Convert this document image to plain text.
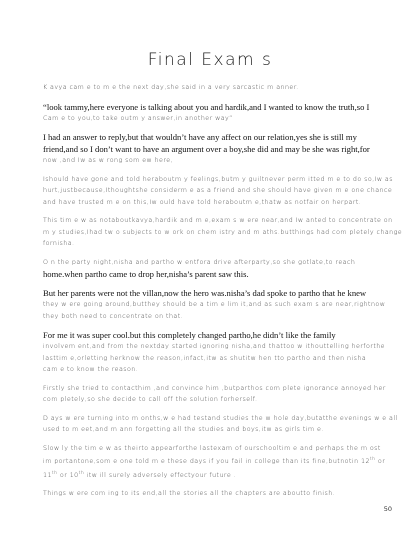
Final Exam s
K avya cam e to m e the next day,she said in a very sarcastic m anner.
“look tammy,here everyone is talking about you and hardik,and I wanted to know the truth,so I
Cam e to you,to take outm y answer,in another way”
I had an answer to reply,but that wouldn’t have any affect on our relation,yes she is still my
friend,and so I don’t want to have an argument over a boy,she did and may be she was right,for
now ,and Iw as w rong som ew here,
Ishould have gone and told heraboutm y feelings,butm y guiltnever perm itted m e to do so,Iw as
hurt,justbecause,Ithoughtshe considerm e as a friend and she should have given m e one chance
and have trusted m e on this,Iw ould have told heraboutm e,thatw as notfair on herpart.
This tim e w as notaboutkavya,hardik and m e,exam s w ere near,and Iw anted to concentrate on
m y studies,Ihad tw o subjects to w ork on chem istry and m aths.butthings had com pletely change
fornisha.
O n the party night,nisha and partho w entfora drive afterparty,so she gotlate,to reach
home.when partho came to drop her,nisha’s parent saw this.
But her parents were not the villan,now the hero was.nisha’s dad spoke to partho that he knew
they w ere going around,butthey should be a tim e lim it,and as such exam s are near,rightnow
they both need to concentrate on that.
For me it was super cool.but this completely changed partho,he didn’t like the family
involvem ent,and from the nextday started ignoring nisha,and thattoo w ithouttelling herforthe
lasttim e,orletting herknow the reason,infact,itw as shutitw hen tto partho and then nisha
cam e to know the reason.
Firstly she tried to contacthim ,and convince him ,butparthos com plete ignorance annoyed her
com pletely,so she decide to call off the solution forherself.
D ays w ere turning into m onths,w e had testand studies the w hole day,butatthe evenings w e all
used to m eet,and m ann forgetting all the studies and boys,itw as girls tim e.
Slow ly the tim e w as theirto appearforthe lastexam of ourschooltim e and perhaps the m ost
im portantone,som e one told m e these days if you fail in college than its fine,butnotin 12th or
11th or 10th itw ill surely adversely effectyour future .
Things w ere com ing to its end,all the stories all the chapters are aboutto finish.
50
